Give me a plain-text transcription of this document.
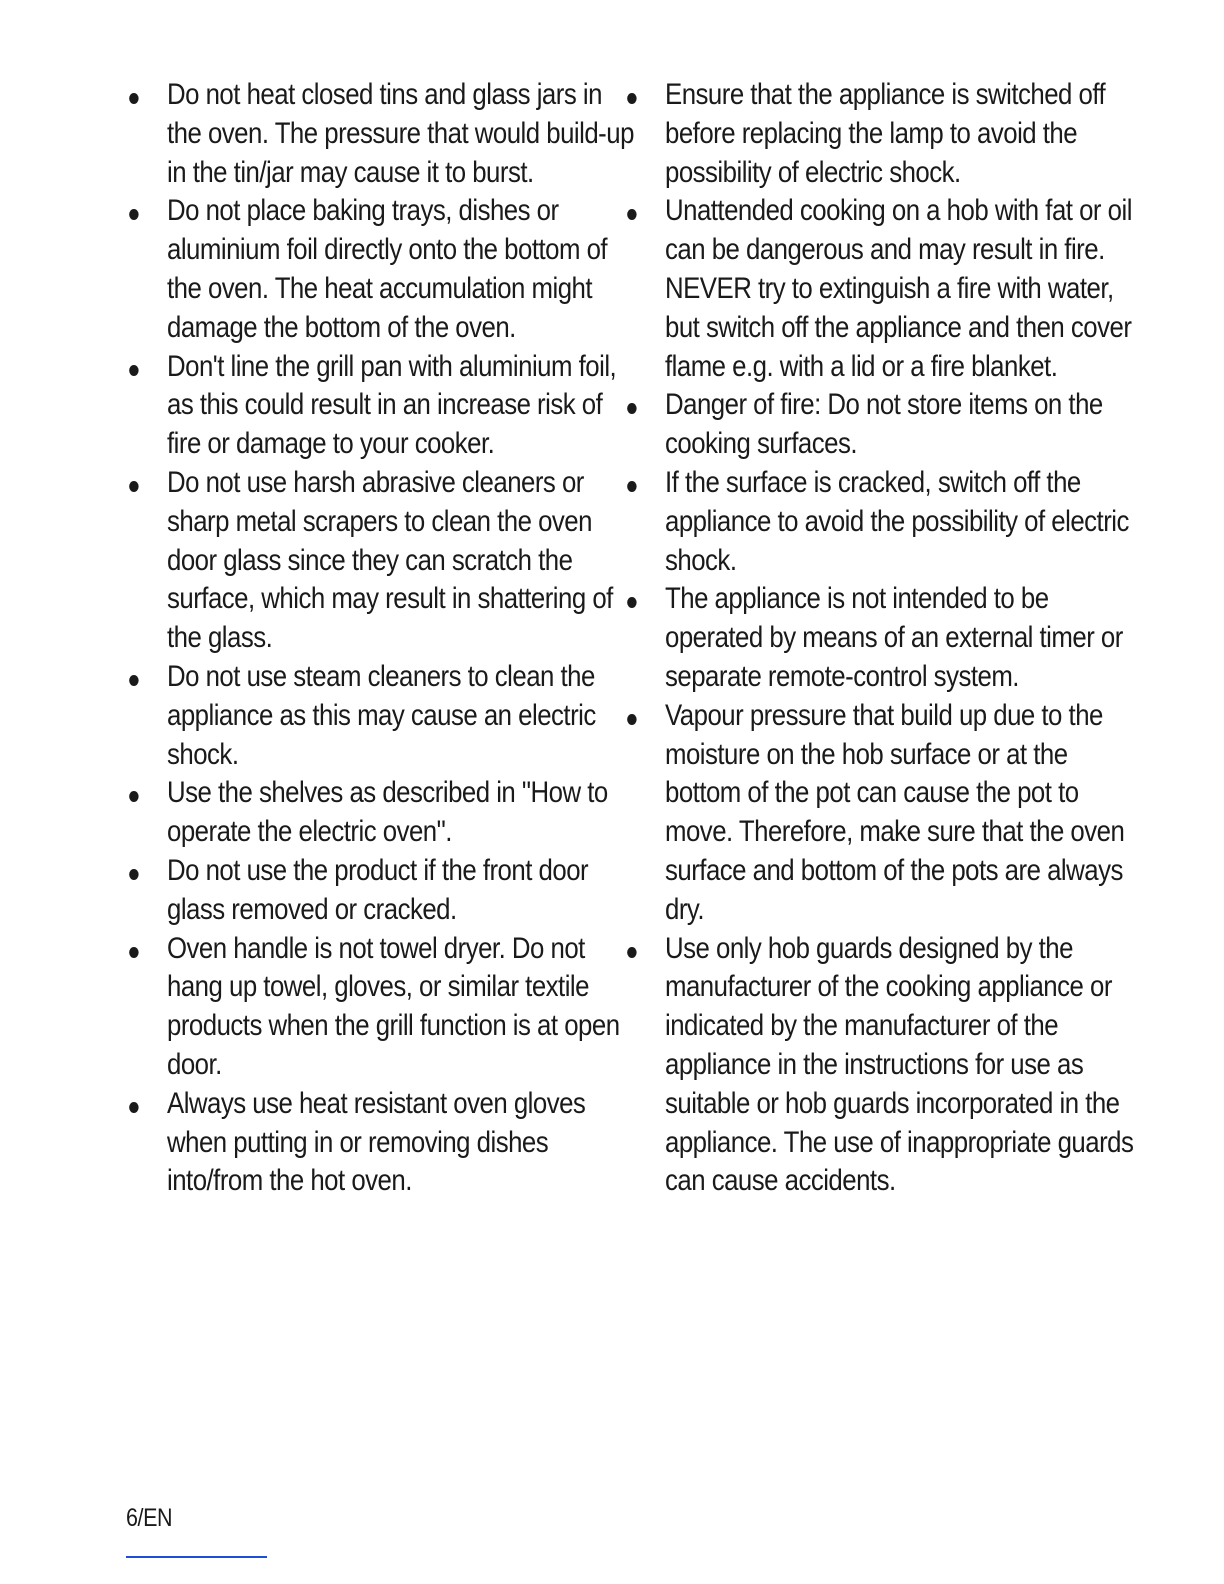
Do not heat closed tins and glass jars in the oven. The pressure that would build-up in the tin/jar may cause it to burst.
Do not place baking trays, dishes or aluminium foil directly onto the bottom of the oven. The heat accumulation might damage the bottom of the oven.
Don't line the grill pan with aluminium foil, as this could result in an increase risk of fire or damage to your cooker.
Do not use harsh abrasive cleaners or sharp metal scrapers to clean the oven door glass since they can scratch the surface, which may result in shattering of the glass.
Do not use steam cleaners to clean the appliance as this may cause an electric shock.
Use the shelves as described in "How to operate the electric oven".
Do not use the product if the front door glass removed or cracked.
Oven handle is not towel dryer. Do not hang up towel, gloves, or similar textile products when the grill function is at open door.
Always use heat resistant oven gloves when putting in or removing dishes into/from the hot oven.
Ensure that the appliance is switched off before replacing the lamp to avoid the possibility of electric shock.
Unattended cooking on a hob with fat or oil can be dangerous and may result in fire. NEVER try to extinguish a fire with water, but switch off the appliance and then cover flame e.g. with a lid or a fire blanket.
Danger of fire: Do not store items on the cooking surfaces.
If the surface is cracked, switch off the appliance to avoid the possibility of electric shock.
The appliance is not intended to be operated by means of an external timer or separate remote-control system.
Vapour pressure that build up due to the moisture on the hob surface or at the bottom of the pot can cause the pot to move. Therefore, make sure that the oven surface and bottom of the pots are always dry.
Use only hob guards designed by the manufacturer of the cooking appliance or indicated by the manufacturer of the appliance in the instructions for use as suitable or hob guards incorporated in the appliance. The use of inappropriate guards can cause accidents.
6/EN
